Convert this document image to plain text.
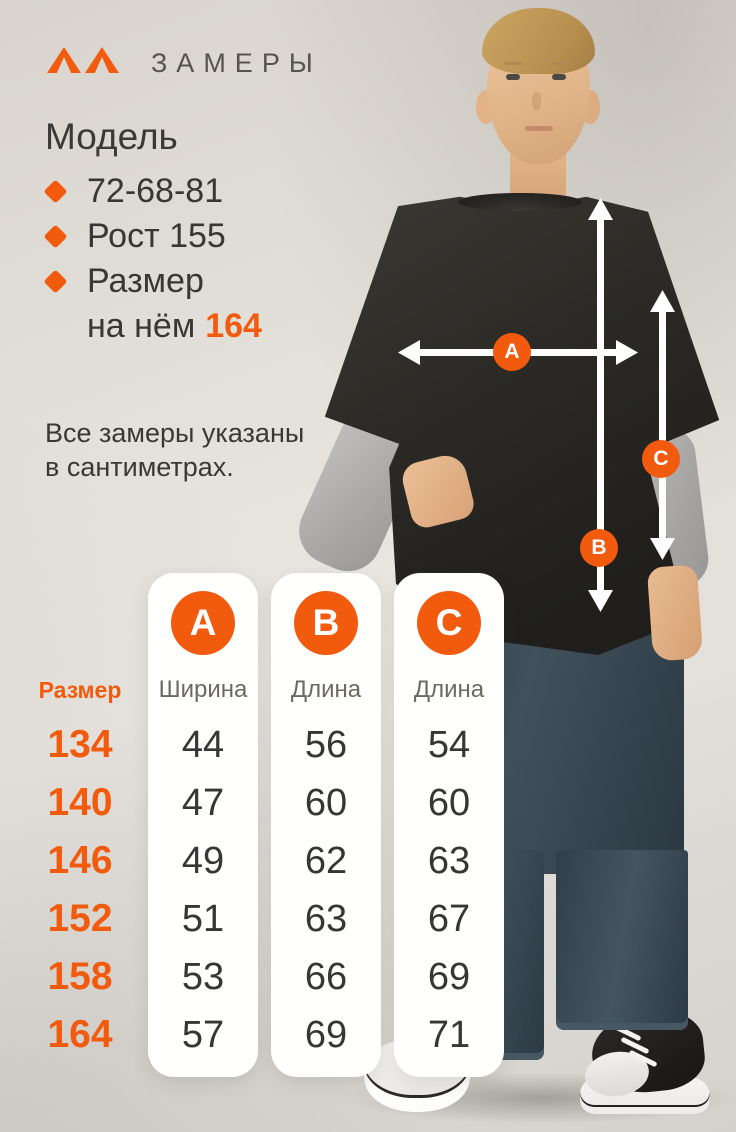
A
B
C
ЗАМЕРЫ
Модель
72-68-81
Рост 155
Размер
на нём 164
Все замеры указаны
в сантиметрах.
Размер
134
140
146
152
158
164
A
Ширина
44
47
49
51
53
57
B
Длина
56
60
62
63
66
69
C
Длина
54
60
63
67
69
71
